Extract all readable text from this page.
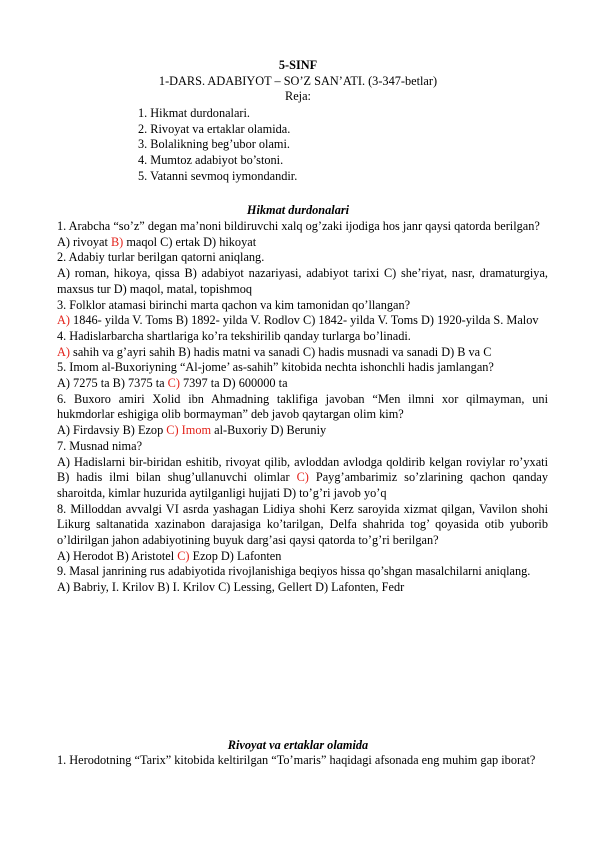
5-SINF
1-DARS. ADABIYOT – SO’Z SAN’ATI. (3-347-betlar)
Reja:
1. Hikmat durdonalari.
2. Rivoyat va ertaklar olamida.
3. Bolalikning beg’ubor olami.
4. Mumtoz adabiyot bo’stoni.
5. Vatanni sevmoq iymondandir.
Hikmat durdonalari

1. Arabcha “so’z” degan ma’noni bildiruvchi xalq og’zaki ijodiga hos janr qaysi qatorda berilgan?

A) rivoyat B) maqol C) ertak D) hikoyat

2. Adabiy turlar berilgan qatorni aniqlang.

A) roman, hikoya, qissa B) adabiyot nazariyasi, adabiyot tarixi C) she’riyat, nasr, dramaturgiya, maxsus tur D) maqol, matal, topishmoq

3. Folklor atamasi birinchi marta qachon va kim tamonidan qo’llangan?

A) 1846- yilda V. Toms B) 1892- yilda V. Rodlov C) 1842- yilda V. Toms D) 1920-yilda S. Malov

4. Hadislarbarcha shartlariga ko’ra tekshirilib qanday turlarga bo’linadi.

A) sahih va g’ayri sahih B) hadis matni va sanadi C) hadis musnadi va sanadi D) B va C

5. Imom al-Buxoriyning “Al-jome’ as-sahih” kitobida nechta ishonchli hadis jamlangan?

A) 7275 ta B) 7375 ta C) 7397 ta D) 600000 ta

6. Buxoro amiri Xolid ibn Ahmadning taklifiga javoban “Men ilmni xor qilmayman, uni hukmdorlar eshigiga olib bormayman” deb javob qaytargan olim kim?

A) Firdavsiy B) Ezop C) Imom al-Buxoriy D) Beruniy

7. Musnad nima?

A) Hadislarni bir-biridan eshitib, rivoyat qilib, avloddan avlodga qoldirib kelgan roviylar ro’yxati B) hadis ilmi bilan shug’ullanuvchi olimlar C) Payg’ambarimiz so’zlarining qachon qanday sharoitda, kimlar huzurida aytilganligi hujjati D) to’g’ri javob yo’q

8. Milloddan avvalgi VI asrda yashagan Lidiya shohi Kerz saroyida xizmat qilgan, Vavilon shohi Likurg saltanatida xazinabon darajasiga ko’tarilgan, Delfa shahrida tog’ qoyasida otib yuborib o’ldirilgan jahon adabiyotining buyuk darg’asi qaysi qatorda to’g’ri berilgan?

A) Herodot B) Aristotel C) Ezop D) Lafonten

9. Masal janrining rus adabiyotida rivojlanishiga beqiyos hissa qo’shgan masalchilarni aniqlang.

A) Babriy, I. Krilov B) I. Krilov C) Lessing, Gellert D) Lafonten, Fedr

Rivoyat va ertaklar olamida

1. Herodotning “Tarix” kitobida keltirilgan “To’maris” haqidagi afsonada eng muhim gap iborat?
